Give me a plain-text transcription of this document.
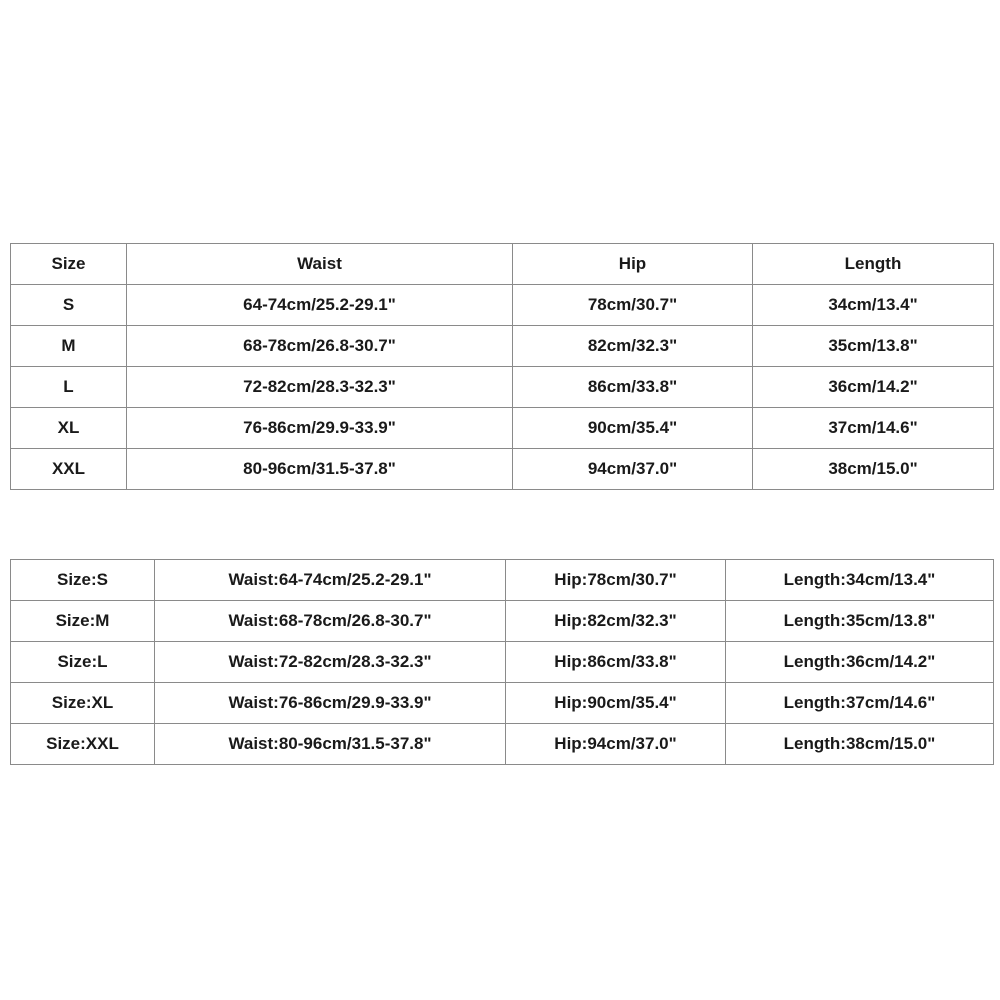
Size	Waist	Hip	Length
S	64-74cm/25.2-29.1"	78cm/30.7"	34cm/13.4"
M	68-78cm/26.8-30.7"	82cm/32.3"	35cm/13.8"
L	72-82cm/28.3-32.3"	86cm/33.8"	36cm/14.2"
XL	76-86cm/29.9-33.9"	90cm/35.4"	37cm/14.6"
XXL	80-96cm/31.5-37.8"	94cm/37.0"	38cm/15.0"
Size:S	Waist:64-74cm/25.2-29.1"	Hip:78cm/30.7"	Length:34cm/13.4"
Size:M	Waist:68-78cm/26.8-30.7"	Hip:82cm/32.3"	Length:35cm/13.8"
Size:L	Waist:72-82cm/28.3-32.3"	Hip:86cm/33.8"	Length:36cm/14.2"
Size:XL	Waist:76-86cm/29.9-33.9"	Hip:90cm/35.4"	Length:37cm/14.6"
Size:XXL	Waist:80-96cm/31.5-37.8"	Hip:94cm/37.0"	Length:38cm/15.0"
